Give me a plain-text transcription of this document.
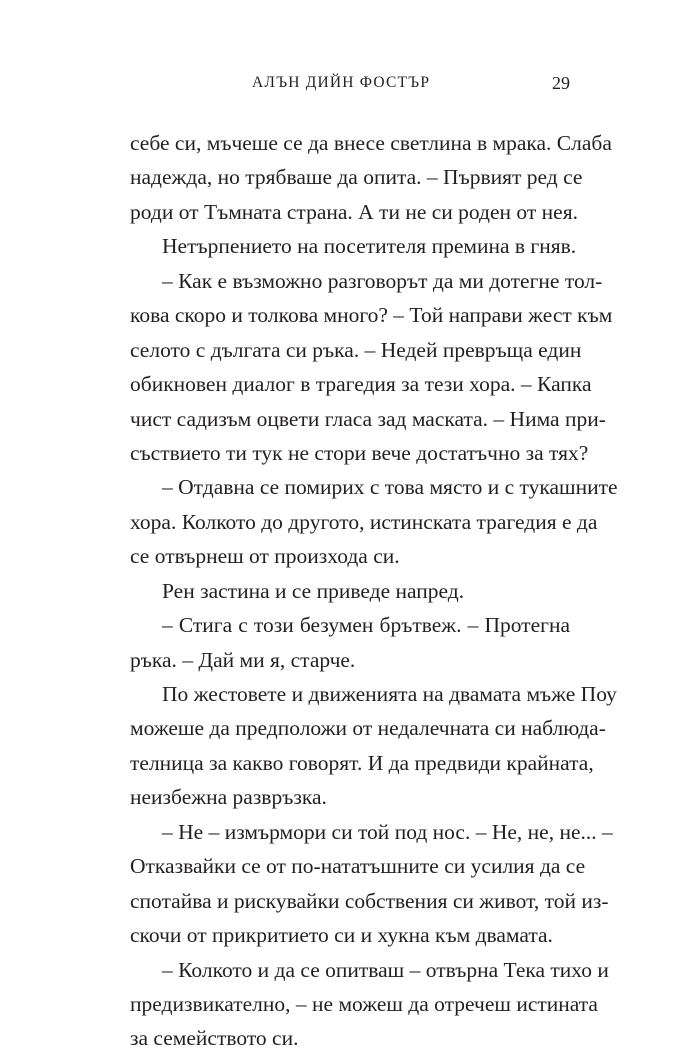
АЛЪН ДИЙН ФОСТЪР	29
себе си, мъчеше се да внесе светлина в мрака. Слаба
надежда, но трябваше да опита. – Първият ред се
роди от Тъмната страна. А ти не си роден от нея.
Нетърпението на посетителя премина в гняв.
– Как е възможно разговорът да ми дотегне тол-
кова скоро и толкова много? – Той направи жест към
селото с дългата си ръка. – Недей превръща един
обикновен диалог в трагедия за тези хора. – Капка
чист садизъм оцвети гласа зад маската. – Нима при-
съствието ти тук не стори вече достатъчно за тях?
– Отдавна се помирих с това място и с тукашните
хора. Колкото до другото, истинската трагедия е да
се отвърнеш от произхода си.
Рен застина и се приведе напред.
– Стига с този безумен брътвеж. – Протегна
ръка. – Дай ми я, старче.
По жестовете и движенията на двамата мъже Поу
можеше да предположи от недалечната си наблюда-
телница за какво говорят. И да предвиди крайната,
неизбежна развръзка.
– Не – измърмори си той под нос. – Не, не, не... –
Отказвайки се от по-нататъшните си усилия да се
спотайва и рискувайки собствения си живот, той из-
скочи от прикритието си и хукна към двамата.
– Колкото и да се опитваш – отвърна Тека тихо и
предизвикателно, – не можеш да отречеш истината
за семейството си.
